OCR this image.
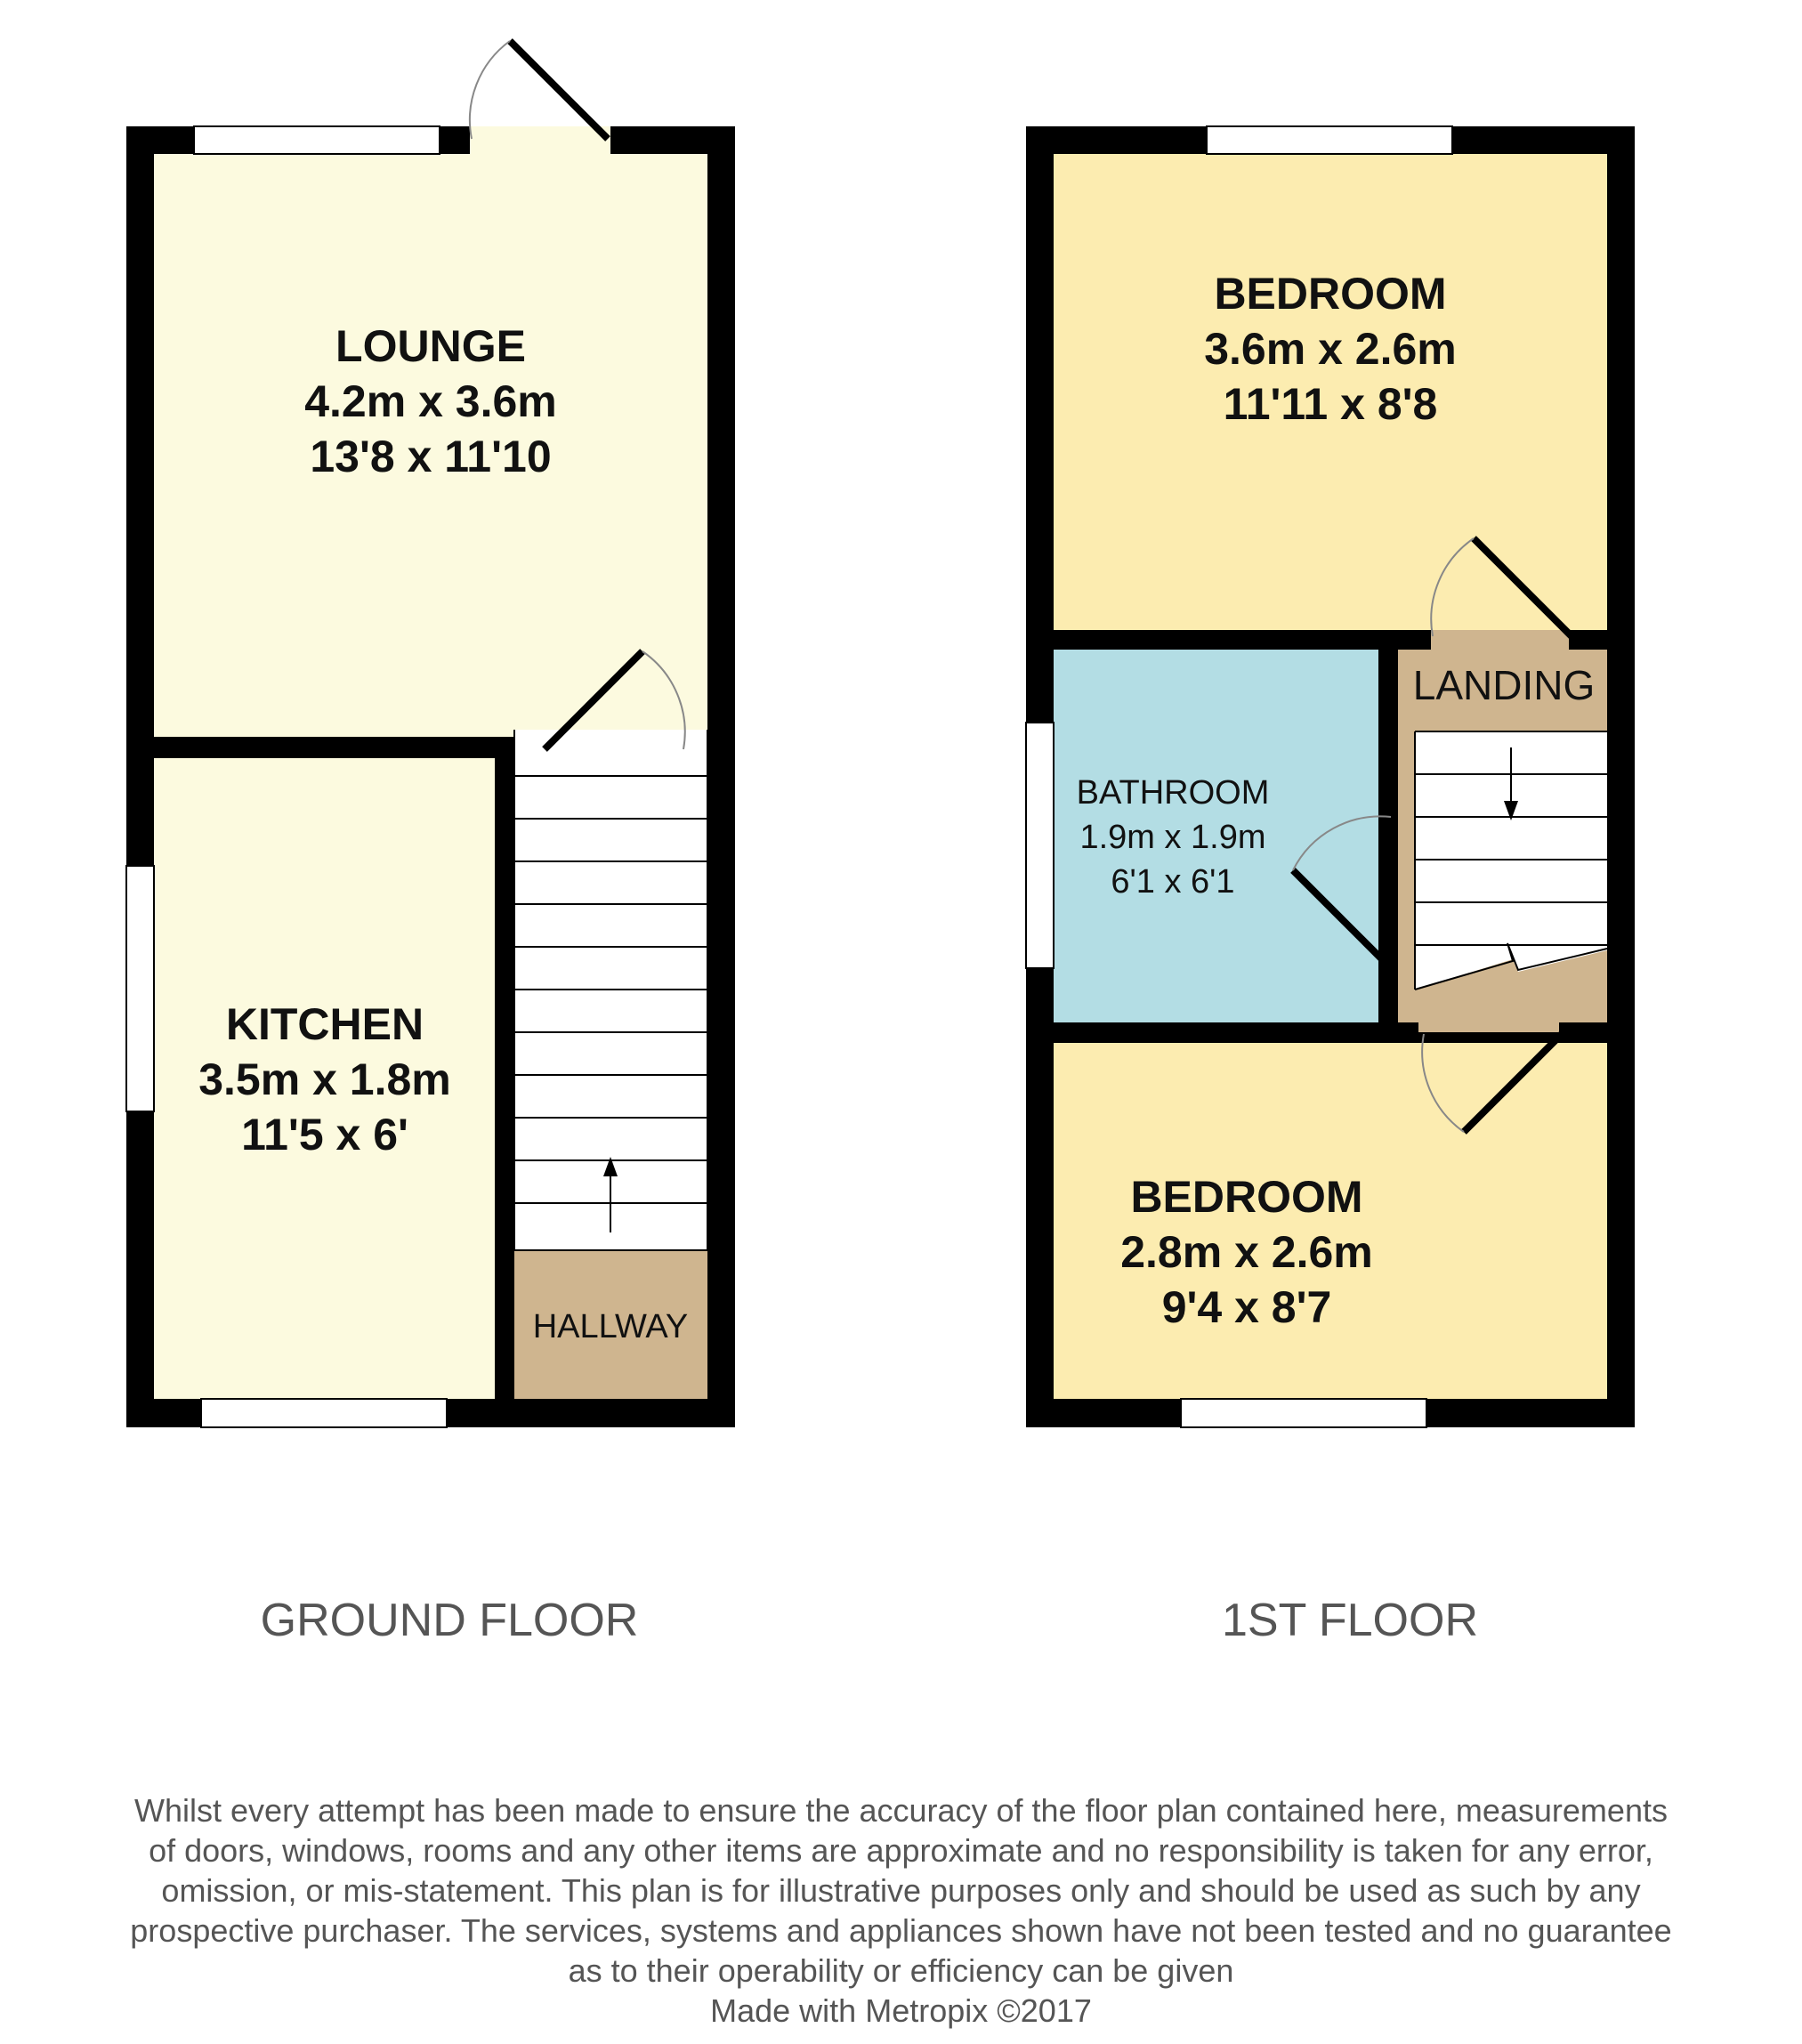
LOUNGE
4.2m x 3.6m
13'8 x 11'10
KITCHEN
3.5m x 1.8m
11'5 x 6'
HALLWAY
GROUND FLOOR
BEDROOM
3.6m x 2.6m
11'11 x 8'8
BATHROOM
1.9m x 1.9m
6'1 x 6'1
LANDING
BEDROOM
2.8m x 2.6m
9'4 x 8'7
1ST FLOOR
Whilst every attempt has been made to ensure the accuracy of the floor plan contained here, measurements
of doors, windows, rooms and any other items are approximate and no responsibility is taken for any error,
omission, or mis-statement. This plan is for illustrative purposes only and should be used as such by any
prospective purchaser. The services, systems and appliances shown have not been tested and no guarantee
as to their operability or efficiency can be given
Made with Metropix ©2017
